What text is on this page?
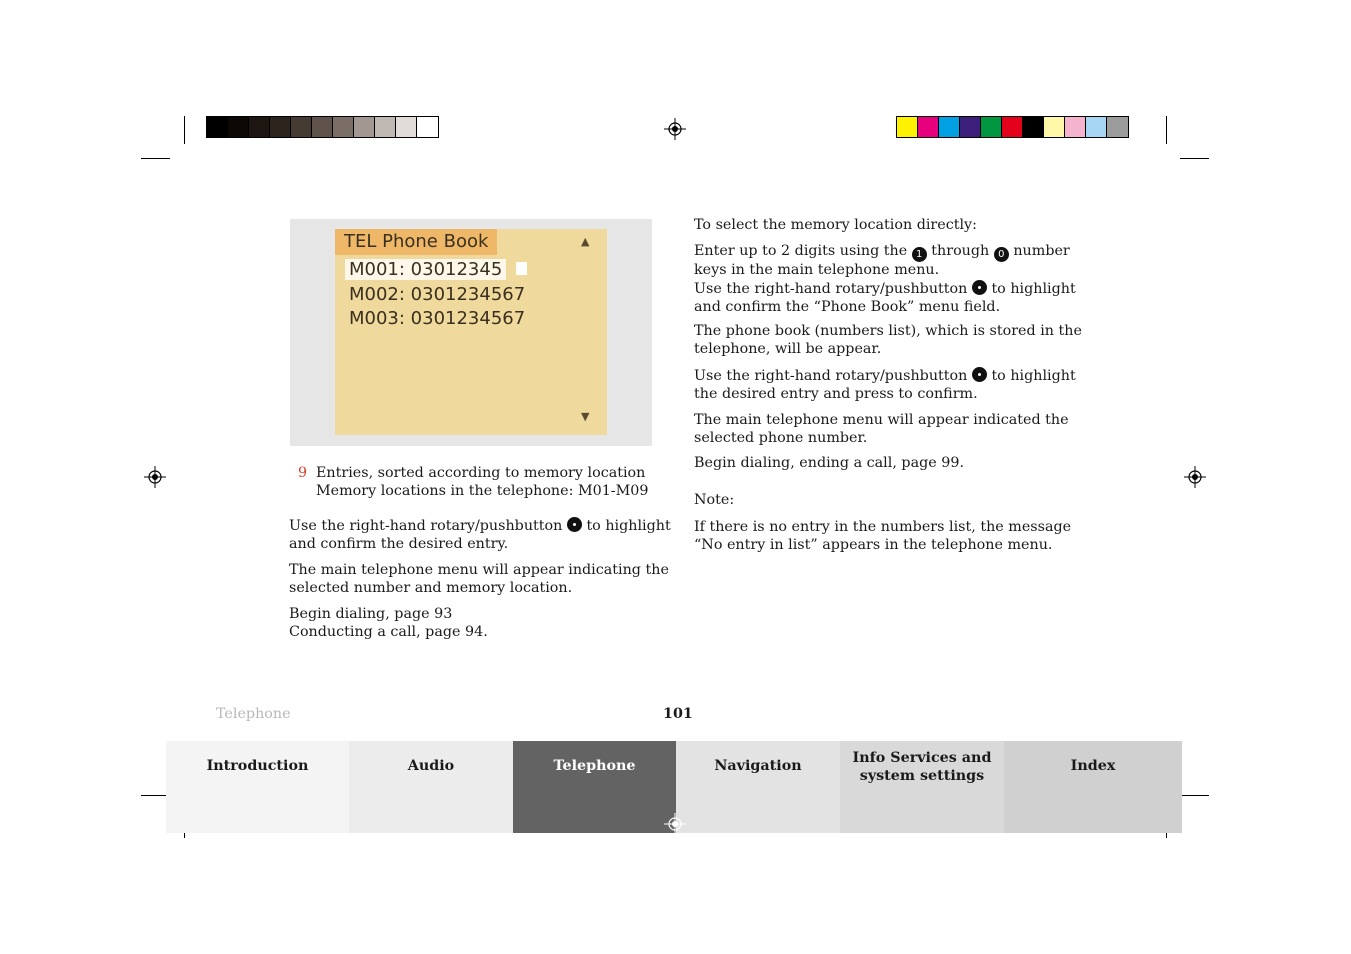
TEL Phone Book	▲
▼
M001: 03012345
M002: 0301234567
M003: 0301234567
9 Entries, sorted according to memory location
Memory locations in the telephone: M01-M09
Use the right-hand rotary/pushbutton to highlight
and confirm the desired entry.
The main telephone menu will appear indicating the
selected number and memory location.
Begin dialing, page 93
Conducting a call, page 94.
To select the memory location directly:
Enter up to 2 digits using the 1 through 0 number
keys in the main telephone menu.
Use the right-hand rotary/pushbutton to highlight
and confirm the “Phone Book” menu field.
The phone book (numbers list), which is stored in the
telephone, will be appear.
Use the right-hand rotary/pushbutton to highlight
the desired entry and press to confirm.
The main telephone menu will appear indicated the
selected phone number.
Begin dialing, ending a call, page 99.
Note:
If there is no entry in the numbers list, the message
“No entry in list” appears in the telephone menu.
Telephone	101
Introduction	Audio	Telephone	Navigation	Info Services and
system settings
Index
